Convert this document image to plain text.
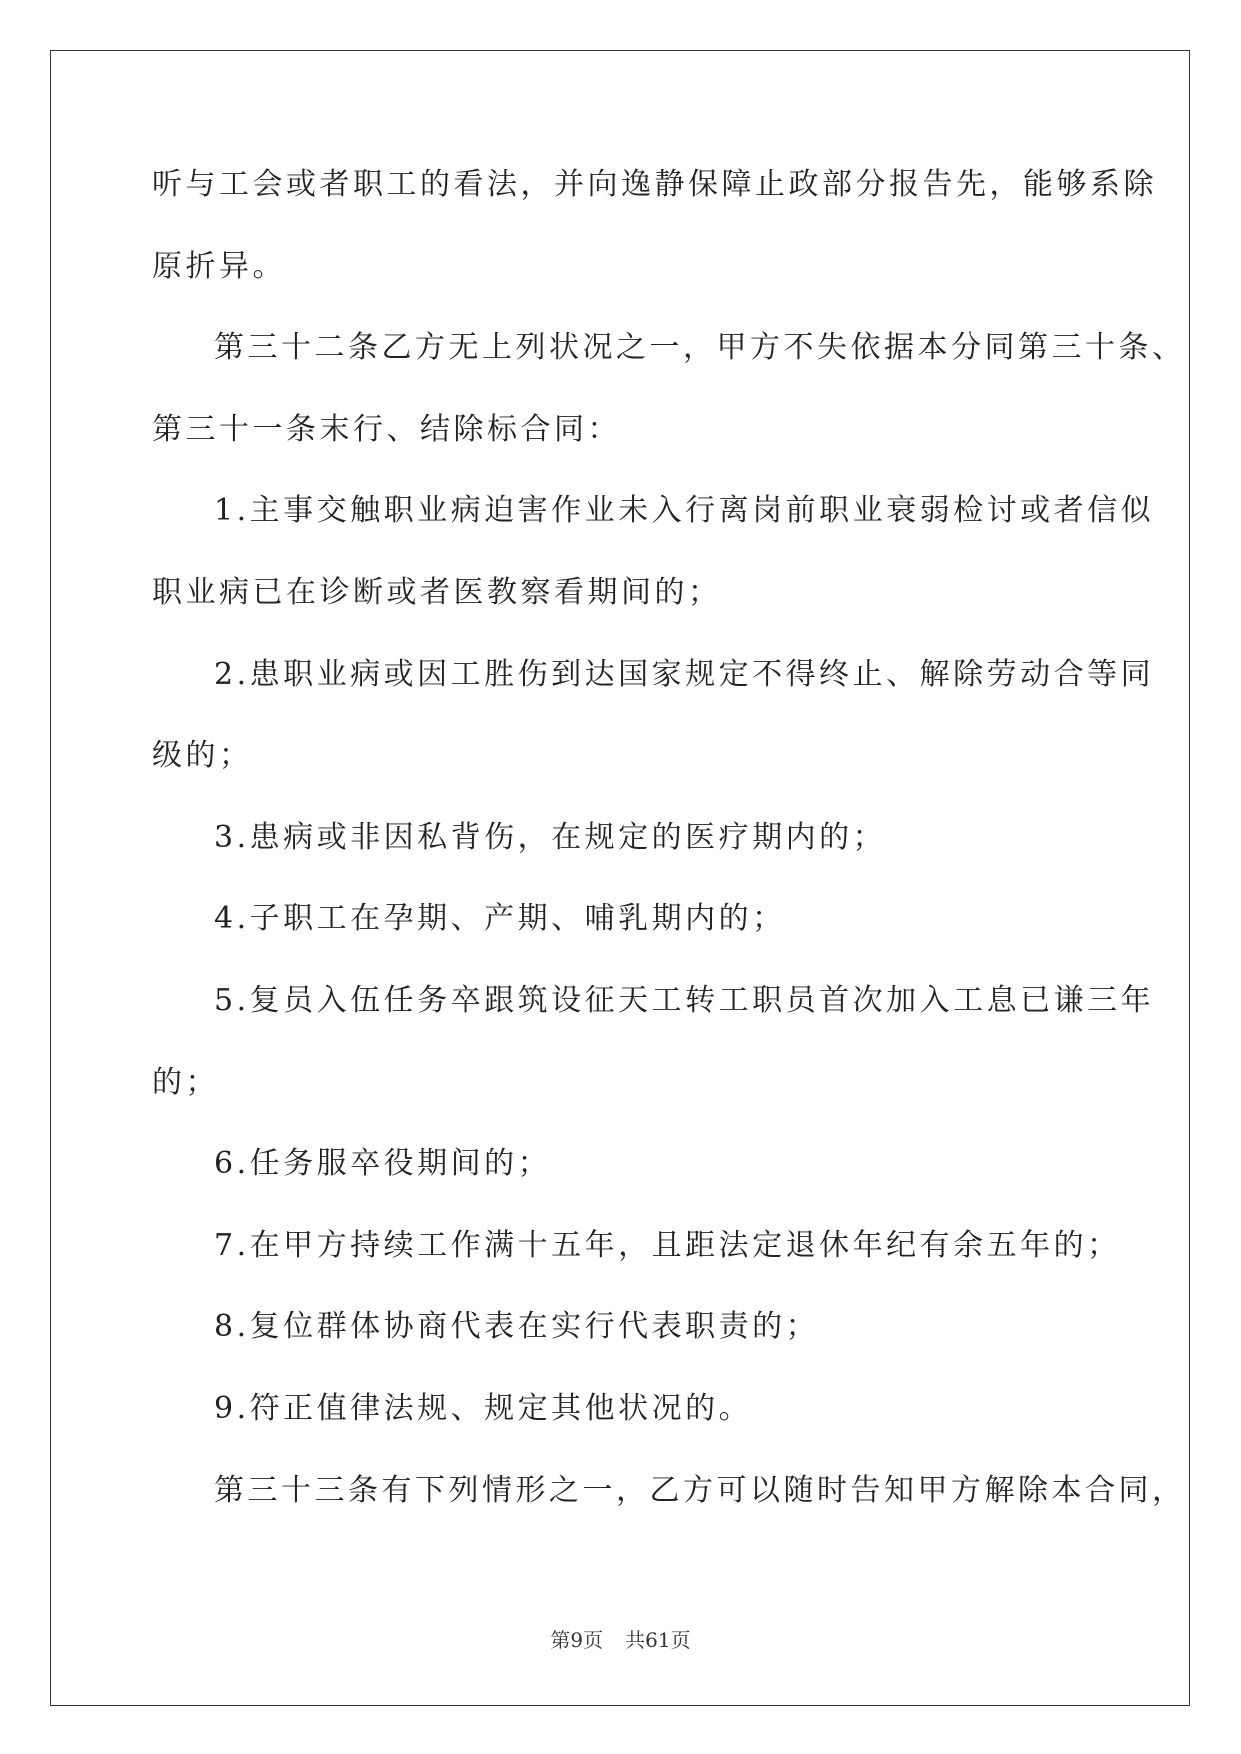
听与工会或者职工的看法，并向逸静保障止政部分报告先，能够系除
原折异。
第三十二条乙方无上列状况之一，甲方不失依据本分同第三十条、
第三十一条末行、结除标合同：
1.主事交触职业病迫害作业未入行离岗前职业衰弱检讨或者信似
职业病已在诊断或者医教察看期间的；
2.患职业病或因工胜伤到达国家规定不得终止、解除劳动合等同
级的；
3.患病或非因私背伤，在规定的医疗期内的；
4.子职工在孕期、产期、哺乳期内的；
5.复员入伍任务卒跟筑设征天工转工职员首次加入工息已谦三年
的；
6.任务服卒役期间的；
7.在甲方持续工作满十五年，且距法定退休年纪有余五年的；
8.复位群体协商代表在实行代表职责的；
9.符正值律法规、规定其他状况的。
第三十三条有下列情形之一，乙方可以随时告知甲方解除本合同，
第9页 共61页
